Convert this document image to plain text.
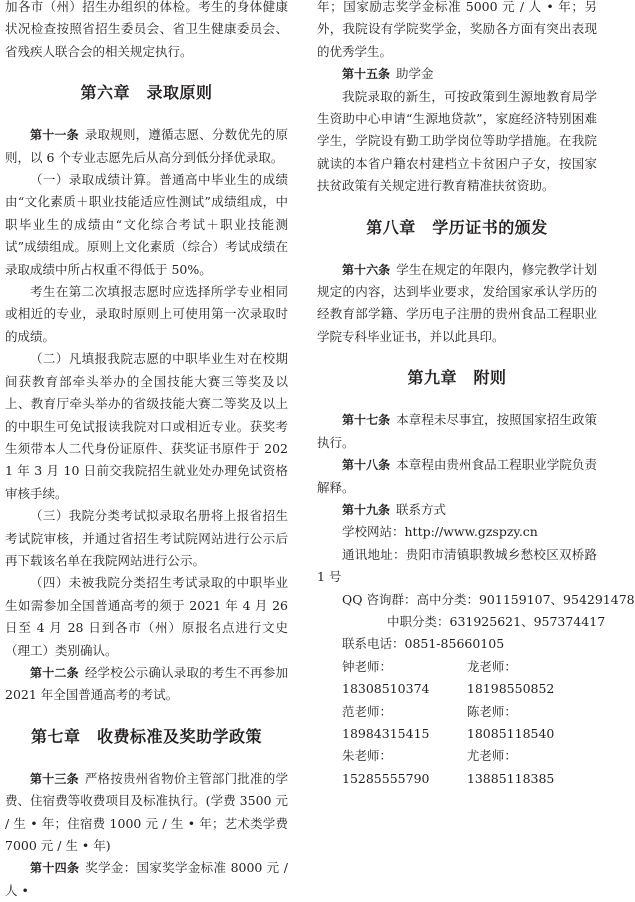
加各市（州）招生办组织的体检。考生的身体健康状况检查按照省招生委员会、省卫生健康委员会、省残疾人联合会的相关规定执行。

第六章　录取原则

第十一条 录取规则，遵循志愿、分数优先的原则，以 6 个专业志愿先后从高分到低分择优录取。

（一）录取成绩计算。普通高中毕业生的成绩由“文化素质＋职业技能适应性测试”成绩组成，中职毕业生的成绩由“文化综合考试＋职业技能测试”成绩组成。原则上文化素质（综合）考试成绩在录取成绩中所占权重不得低于 50%。

考生在第二次填报志愿时应选择所学专业相同或相近的专业，录取时原则上可使用第一次录取时的成绩。

（二）凡填报我院志愿的中职毕业生对在校期间获教育部牵头举办的全国技能大赛三等奖及以上、教育厅牵头举办的省级技能大赛二等奖及以上的中职生可免试报读我院对口或相近专业。获奖考生须带本人二代身份证原件、获奖证书原件于 2021 年 3 月 10 日前交我院招生就业处办理免试资格审核手续。

（三）我院分类考试拟录取名册将上报省招生考试院审核，并通过省招生考试院网站进行公示后再下载该名单在我院网站进行公示。

（四）未被我院分类招生考试录取的中职毕业生如需参加全国普通高考的须于 2021 年 4 月 26 日至 4 月 28 日到各市（州）原报名点进行文史（理工）类别确认。

第十二条 经学校公示确认录取的考生不再参加 2021 年全国普通高考的考试。

第七章　收费标准及奖助学政策

第十三条 严格按贵州省物价主管部门批准的学费、住宿费等收费项目及标准执行。(学费 3500 元 / 生 • 年；住宿费 1000 元 / 生 • 年；艺术类学费 7000 元 / 生 • 年)

第十四条 奖学金：国家奖学金标准 8000 元 / 人 •

年；国家励志奖学金标准 5000 元 / 人 • 年；另外，我院设有学院奖学金，奖励各方面有突出表现的优秀学生。

第十五条 助学金

我院录取的新生，可按政策到生源地教育局学生资助中心申请“生源地贷款”，家庭经济特别困难学生，学院设有勤工助学岗位等助学措施。在我院就读的本省户籍农村建档立卡贫困户子女，按国家扶贫政策有关规定进行教育精准扶贫资助。

第八章　学历证书的颁发

第十六条 学生在规定的年限内，修完教学计划规定的内容，达到毕业要求，发给国家承认学历的经教育部学籍、学历电子注册的贵州食品工程职业学院专科毕业证书，并以此具印。

第九章　附则

第十七条 本章程未尽事宜，按照国家招生政策执行。

第十八条 本章程由贵州食品工程职业学院负责解释。

第十九条 联系方式

学校网站：http://www.gzspzy.cn

通讯地址：贵阳市清镇职教城乡愁校区双桥路 1 号

QQ 咨询群：高中分类：901159107、954291478
中职分类：631925621、957374417
联系电话：0851-85660105
钟老师：18308510374
龙老师：18198550852
范老师：18984315415
陈老师：18085118540
朱老师：15285555790
尤老师：13885118385
